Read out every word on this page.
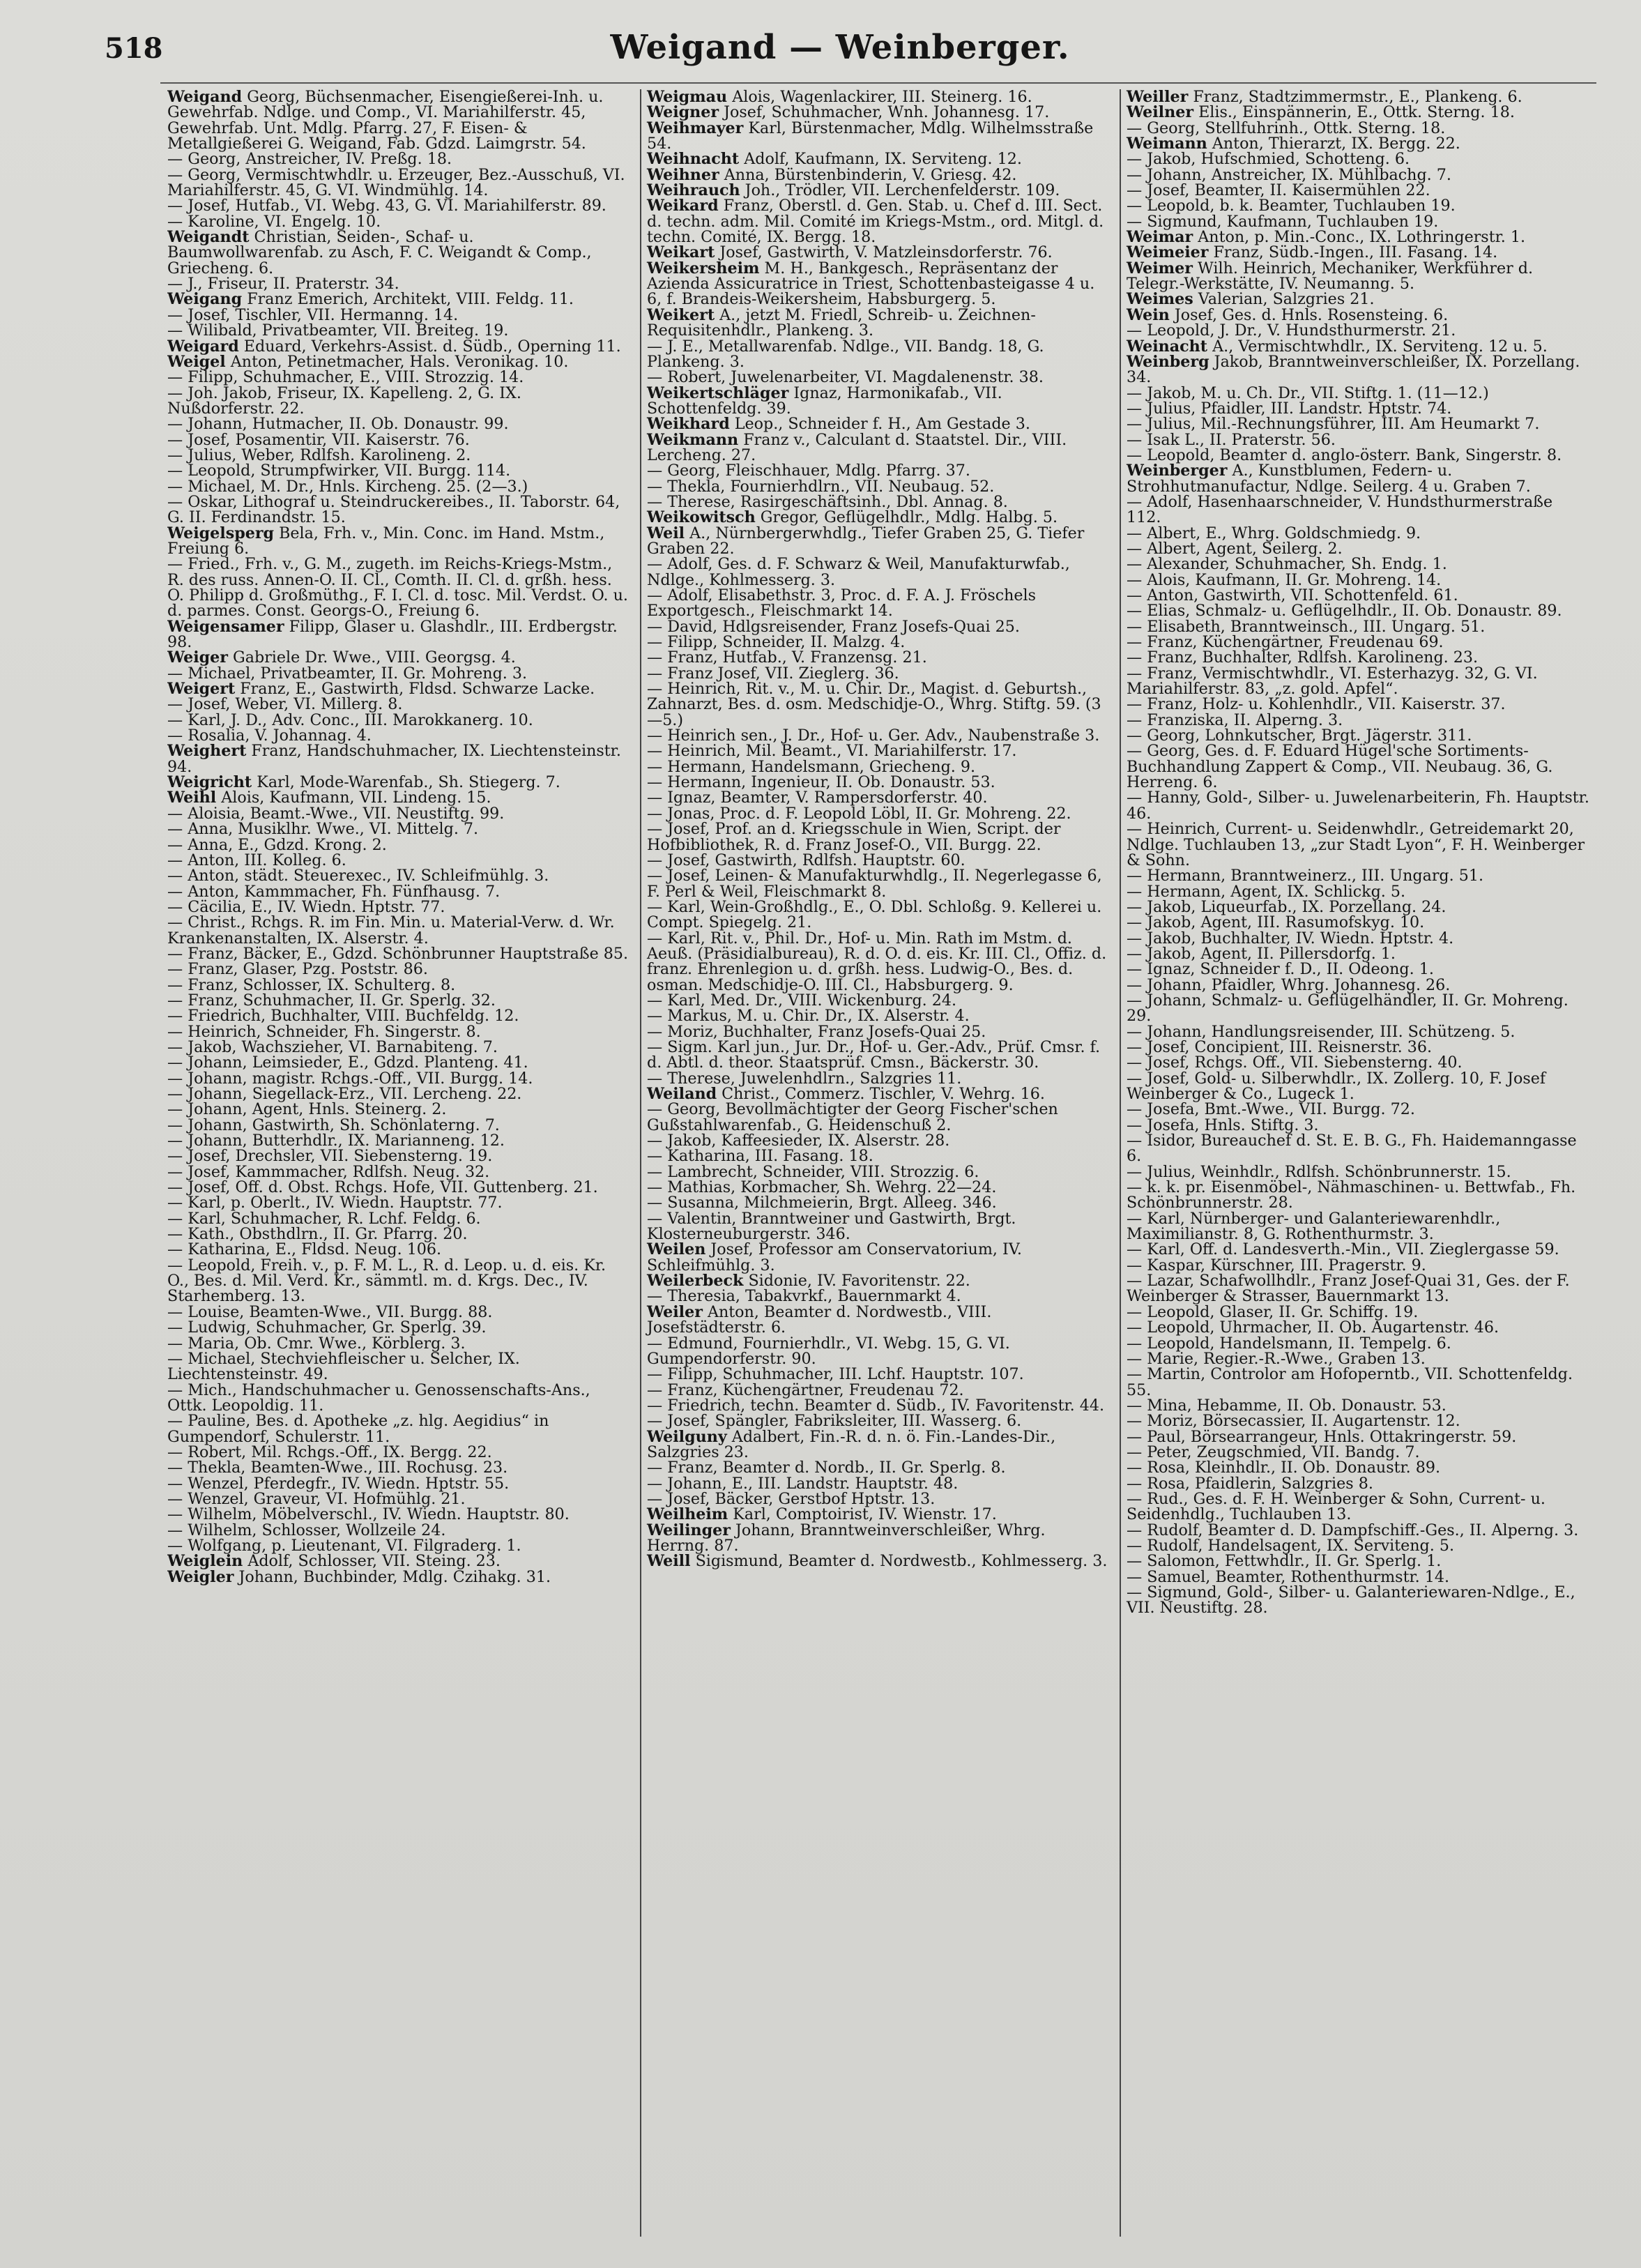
518	Weigand — Weinberger.

Weigand Georg, Büchsenmacher, Eisengießerei-Inh. u. Gewehrfab. Ndlge. und Comp., VI. Mariahilferstr. 45, Gewehrfab. Unt. Mdlg. Pfarrg. 27, F. Eisen- & Metallgießerei G. Weigand, Fab. Gdzd. Laimgrstr. 54.

— Georg, Anstreicher, IV. Preßg. 18.

— Georg, Vermischtwhdlr. u. Erzeuger, Bez.-Ausschuß, VI. Mariahilferstr. 45, G. VI. Windmühlg. 14.

— Josef, Hutfab., VI. Webg. 43, G. VI. Mariahilferstr. 89.

— Karoline, VI. Engelg. 10.

Weigandt Christian, Seiden-, Schaf- u. Baumwollwarenfab. zu Asch, F. C. Weigandt & Comp., Griecheng. 6.

— J., Friseur, II. Praterstr. 34.

Weigang Franz Emerich, Architekt, VIII. Feldg. 11.

— Josef, Tischler, VII. Hermanng. 14.

— Wilibald, Privatbeamter, VII. Breiteg. 19.

Weigard Eduard, Verkehrs-Assist. d. Südb., Operning 11.

Weigel Anton, Petinetmacher, Hals. Veronikag. 10.

— Filipp, Schuhmacher, E., VIII. Strozzig. 14.

— Joh. Jakob, Friseur, IX. Kapelleng. 2, G. IX. Nußdorferstr. 22.

— Johann, Hutmacher, II. Ob. Donaustr. 99.

— Josef, Posamentir, VII. Kaiserstr. 76.

— Julius, Weber, Rdlfsh. Karolineng. 2.

— Leopold, Strumpfwirker, VII. Burgg. 114.

— Michael, M. Dr., Hnls. Kircheng. 25. (2—3.)

— Oskar, Lithograf u. Steindruckereibes., II. Taborstr. 64, G. II. Ferdinandstr. 15.

Weigelsperg Bela, Frh. v., Min. Conc. im Hand. Mstm., Freiung 6.

— Fried., Frh. v., G. M., zugeth. im Reichs-Kriegs-Mstm., R. des russ. Annen-O. II. Cl., Comth. II. Cl. d. grßh. hess. O. Philipp d. Großmüthg., F. I. Cl. d. tosc. Mil. Verdst. O. u. d. parmes. Const. Georgs-O., Freiung 6.

Weigensamer Filipp, Glaser u. Glashdlr., III. Erdbergstr. 98.

Weiger Gabriele Dr. Wwe., VIII. Georgsg. 4.

— Michael, Privatbeamter, II. Gr. Mohreng. 3.

Weigert Franz, E., Gastwirth, Fldsd. Schwarze Lacke.

— Josef, Weber, VI. Millerg. 8.

— Karl, J. D., Adv. Conc., III. Marokkanerg. 10.

— Rosalia, V. Johannag. 4.

Weighert Franz, Handschuhmacher, IX. Liechtensteinstr. 94.

Weigricht Karl, Mode-Warenfab., Sh. Stiegerg. 7.

Weihl Alois, Kaufmann, VII. Lindeng. 15.

— Aloisia, Beamt.-Wwe., VII. Neustiftg. 99.

— Anna, Musiklhr. Wwe., VI. Mittelg. 7.

— Anna, E., Gdzd. Krong. 2.

— Anton, III. Kolleg. 6.

— Anton, städt. Steuerexec., IV. Schleifmühlg. 3.

— Anton, Kammmacher, Fh. Fünfhausg. 7.

— Cäcilia, E., IV. Wiedn. Hptstr. 77.

— Christ., Rchgs. R. im Fin. Min. u. Material-Verw. d. Wr. Krankenanstalten, IX. Alserstr. 4.

— Franz, Bäcker, E., Gdzd. Schönbrunner Hauptstraße 85.

— Franz, Glaser, Pzg. Poststr. 86.

— Franz, Schlosser, IX. Schulterg. 8.

— Franz, Schuhmacher, II. Gr. Sperlg. 32.

— Friedrich, Buchhalter, VIII. Buchfeldg. 12.

— Heinrich, Schneider, Fh. Singerstr. 8.

— Jakob, Wachszieher, VI. Barnabiteng. 7.

— Johann, Leimsieder, E., Gdzd. Planteng. 41.

— Johann, magistr. Rchgs.-Off., VII. Burgg. 14.

— Johann, Siegellack-Erz., VII. Lercheng. 22.

— Johann, Agent, Hnls. Steinerg. 2.

— Johann, Gastwirth, Sh. Schönlaterng. 7.

— Johann, Butterhdlr., IX. Marianneng. 12.

— Josef, Drechsler, VII. Siebensterng. 19.

— Josef, Kammmacher, Rdlfsh. Neug. 32.

— Josef, Off. d. Obst. Rchgs. Hofe, VII. Guttenberg. 21.

— Karl, p. Oberlt., IV. Wiedn. Hauptstr. 77.

— Karl, Schuhmacher, R. Lchf. Feldg. 6.

— Kath., Obsthdlrn., II. Gr. Pfarrg. 20.

— Katharina, E., Fldsd. Neug. 106.

— Leopold, Freih. v., p. F. M. L., R. d. Leop. u. d. eis. Kr. O., Bes. d. Mil. Verd. Kr., sämmtl. m. d. Krgs. Dec., IV. Starhemberg. 13.

— Louise, Beamten-Wwe., VII. Burgg. 88.

— Ludwig, Schuhmacher, Gr. Sperlg. 39.

— Maria, Ob. Cmr. Wwe., Körblerg. 3.

— Michael, Stechviehfleischer u. Selcher, IX. Liechtensteinstr. 49.

— Mich., Handschuhmacher u. Genossenschafts-Ans., Ottk. Leopoldig. 11.

— Pauline, Bes. d. Apotheke „z. hlg. Aegidius“ in Gumpendorf, Schulerstr. 11.

— Robert, Mil. Rchgs.-Off., IX. Bergg. 22.

— Thekla, Beamten-Wwe., III. Rochusg. 23.

— Wenzel, Pferdegfr., IV. Wiedn. Hptstr. 55.

— Wenzel, Graveur, VI. Hofmühlg. 21.

— Wilhelm, Möbelverschl., IV. Wiedn. Hauptstr. 80.

— Wilhelm, Schlosser, Wollzeile 24.

— Wolfgang, p. Lieutenant, VI. Filgraderg. 1.

Weiglein Adolf, Schlosser, VII. Steing. 23.

Weigler Johann, Buchbinder, Mdlg. Czihakg. 31.

Weigmau Alois, Wagenlackirer, III. Steinerg. 16.

Weigner Josef, Schuhmacher, Wnh. Johannesg. 17.

Weihmayer Karl, Bürstenmacher, Mdlg. Wilhelmsstraße 54.

Weihnacht Adolf, Kaufmann, IX. Serviteng. 12.

Weihner Anna, Bürstenbinderin, V. Griesg. 42.

Weihrauch Joh., Trödler, VII. Lerchenfelderstr. 109.

Weikard Franz, Oberstl. d. Gen. Stab. u. Chef d. III. Sect. d. techn. adm. Mil. Comité im Kriegs-Mstm., ord. Mitgl. d. techn. Comité, IX. Bergg. 18.

Weikart Josef, Gastwirth, V. Matzleinsdorferstr. 76.

Weikersheim M. H., Bankgesch., Repräsentanz der Azienda Assicuratrice in Triest, Schottenbasteigasse 4 u. 6, f. Brandeis-Weikersheim, Habsburgerg. 5.

Weikert A., jetzt M. Friedl, Schreib- u. Zeichnen-Requisitenhdlr., Plankeng. 3.

— J. E., Metallwarenfab. Ndlge., VII. Bandg. 18, G. Plankeng. 3.

— Robert, Juwelenarbeiter, VI. Magdalenenstr. 38.

Weikertschläger Ignaz, Harmonikafab., VII. Schottenfeldg. 39.

Weikhard Leop., Schneider f. H., Am Gestade 3.

Weikmann Franz v., Calculant d. Staatstel. Dir., VIII. Lercheng. 27.

— Georg, Fleischhauer, Mdlg. Pfarrg. 37.

— Thekla, Fournierhdlrn., VII. Neubaug. 52.

— Therese, Rasirgeschäftsinh., Dbl. Annag. 8.

Weikowitsch Gregor, Geflügelhdlr., Mdlg. Halbg. 5.

Weil A., Nürnbergerwhdlg., Tiefer Graben 25, G. Tiefer Graben 22.

— Adolf, Ges. d. F. Schwarz & Weil, Manufakturwfab., Ndlge., Kohlmesserg. 3.

— Adolf, Elisabethstr. 3, Proc. d. F. A. J. Fröschels Exportgesch., Fleischmarkt 14.

— David, Hdlgsreisender, Franz Josefs-Quai 25.

— Filipp, Schneider, II. Malzg. 4.

— Franz, Hutfab., V. Franzensg. 21.

— Franz Josef, VII. Zieglerg. 36.

— Heinrich, Rit. v., M. u. Chir. Dr., Magist. d. Geburtsh., Zahnarzt, Bes. d. osm. Medschidje-O., Whrg. Stiftg. 59. (3—5.)

— Heinrich sen., J. Dr., Hof- u. Ger. Adv., Naubenstraße 3.

— Heinrich, Mil. Beamt., VI. Mariahilferstr. 17.

— Hermann, Handelsmann, Griecheng. 9.

— Hermann, Ingenieur, II. Ob. Donaustr. 53.

— Ignaz, Beamter, V. Rampersdorferstr. 40.

— Jonas, Proc. d. F. Leopold Löbl, II. Gr. Mohreng. 22.

— Josef, Prof. an d. Kriegsschule in Wien, Script. der Hofbibliothek, R. d. Franz Josef-O., VII. Burgg. 22.

— Josef, Gastwirth, Rdlfsh. Hauptstr. 60.

— Josef, Leinen- & Manufakturwhdlg., II. Negerlegasse 6, F. Perl & Weil, Fleischmarkt 8.

— Karl, Wein-Großhdlg., E., O. Dbl. Schloßg. 9. Kellerei u. Compt. Spiegelg. 21.

— Karl, Rit. v., Phil. Dr., Hof- u. Min. Rath im Mstm. d. Aeuß. (Präsidialbureau), R. d. O. d. eis. Kr. III. Cl., Offiz. d. franz. Ehrenlegion u. d. grßh. hess. Ludwig-O., Bes. d. osman. Medschidje-O. III. Cl., Habsburgerg. 9.

— Karl, Med. Dr., VIII. Wickenburg. 24.

— Markus, M. u. Chir. Dr., IX. Alserstr. 4.

— Moriz, Buchhalter, Franz Josefs-Quai 25.

— Sigm. Karl jun., Jur. Dr., Hof- u. Ger.-Adv., Prüf. Cmsr. f. d. Abtl. d. theor. Staatsprüf. Cmsn., Bäckerstr. 30.

— Therese, Juwelenhdlrn., Salzgries 11.

Weiland Christ., Commerz. Tischler, V. Wehrg. 16.

— Georg, Bevollmächtigter der Georg Fischer'schen Gußstahlwarenfab., G. Heidenschuß 2.

— Jakob, Kaffeesieder, IX. Alserstr. 28.

— Katharina, III. Fasang. 18.

— Lambrecht, Schneider, VIII. Strozzig. 6.

— Mathias, Korbmacher, Sh. Wehrg. 22—24.

— Susanna, Milchmeierin, Brgt. Alleeg. 346.

— Valentin, Branntweiner und Gastwirth, Brgt. Klosterneuburgerstr. 346.

Weilen Josef, Professor am Conservatorium, IV. Schleifmühlg. 3.

Weilerbeck Sidonie, IV. Favoritenstr. 22.

— Theresia, Tabakvrkf., Bauernmarkt 4.

Weiler Anton, Beamter d. Nordwestb., VIII. Josefstädterstr. 6.

— Edmund, Fournierhdlr., VI. Webg. 15, G. VI. Gumpendorferstr. 90.

— Filipp, Schuhmacher, III. Lchf. Hauptstr. 107.

— Franz, Küchengärtner, Freudenau 72.

— Friedrich, techn. Beamter d. Südb., IV. Favoritenstr. 44.

— Josef, Spängler, Fabriksleiter, III. Wasserg. 6.

Weilguny Adalbert, Fin.-R. d. n. ö. Fin.-Landes-Dir., Salzgries 23.

— Franz, Beamter d. Nordb., II. Gr. Sperlg. 8.

— Johann, E., III. Landstr. Hauptstr. 48.

— Josef, Bäcker, Gerstbof Hptstr. 13.

Weilheim Karl, Comptoirist, IV. Wienstr. 17.

Weilinger Johann, Branntweinverschleißer, Whrg. Herrng. 87.

Weill Sigismund, Beamter d. Nordwestb., Kohlmesserg. 3.

Weiller Franz, Stadtzimmermstr., E., Plankeng. 6.

Weilner Elis., Einspännerin, E., Ottk. Sterng. 18.

— Georg, Stellfuhrinh., Ottk. Sterng. 18.

Weimann Anton, Thierarzt, IX. Bergg. 22.

— Jakob, Hufschmied, Schotteng. 6.

— Johann, Anstreicher, IX. Mühlbachg. 7.

— Josef, Beamter, II. Kaisermühlen 22.

— Leopold, b. k. Beamter, Tuchlauben 19.

— Sigmund, Kaufmann, Tuchlauben 19.

Weimar Anton, p. Min.-Conc., IX. Lothringerstr. 1.

Weimeier Franz, Südb.-Ingen., III. Fasang. 14.

Weimer Wilh. Heinrich, Mechaniker, Werkführer d. Telegr.-Werkstätte, IV. Neumanng. 5.

Weimes Valerian, Salzgries 21.

Wein Josef, Ges. d. Hnls. Rosensteing. 6.

— Leopold, J. Dr., V. Hundsthurmerstr. 21.

Weinacht A., Vermischtwhdlr., IX. Serviteng. 12 u. 5.

Weinberg Jakob, Branntweinverschleißer, IX. Porzellang. 34.

— Jakob, M. u. Ch. Dr., VII. Stiftg. 1. (11—12.)

— Julius, Pfaidler, III. Landstr. Hptstr. 74.

— Julius, Mil.-Rechnungsführer, III. Am Heumarkt 7.

— Isak L., II. Praterstr. 56.

— Leopold, Beamter d. anglo-österr. Bank, Singerstr. 8.

Weinberger A., Kunstblumen, Federn- u. Strohhutmanufactur, Ndlge. Seilerg. 4 u. Graben 7.

— Adolf, Hasenhaarschneider, V. Hundsthurmerstraße 112.

— Albert, E., Whrg. Goldschmiedg. 9.

— Albert, Agent, Seilerg. 2.

— Alexander, Schuhmacher, Sh. Endg. 1.

— Alois, Kaufmann, II. Gr. Mohreng. 14.

— Anton, Gastwirth, VII. Schottenfeld. 61.

— Elias, Schmalz- u. Geflügelhdlr., II. Ob. Donaustr. 89.

— Elisabeth, Branntweinsch., III. Ungarg. 51.

— Franz, Küchengärtner, Freudenau 69.

— Franz, Buchhalter, Rdlfsh. Karolineng. 23.

— Franz, Vermischtwhdlr., VI. Esterhazyg. 32, G. VI. Mariahilferstr. 83, „z. gold. Apfel“.

— Franz, Holz- u. Kohlenhdlr., VII. Kaiserstr. 37.

— Franziska, II. Alperng. 3.

— Georg, Lohnkutscher, Brgt. Jägerstr. 311.

— Georg, Ges. d. F. Eduard Hügel'sche Sortiments-Buchhandlung Zappert & Comp., VII. Neubaug. 36, G. Herreng. 6.

— Hanny, Gold-, Silber- u. Juwelenarbeiterin, Fh. Hauptstr. 46.

— Heinrich, Current- u. Seidenwhdlr., Getreidemarkt 20, Ndlge. Tuchlauben 13, „zur Stadt Lyon“, F. H. Weinberger & Sohn.

— Hermann, Branntweinerz., III. Ungarg. 51.

— Hermann, Agent, IX. Schlickg. 5.

— Jakob, Liqueurfab., IX. Porzellang. 24.

— Jakob, Agent, III. Rasumofskyg. 10.

— Jakob, Buchhalter, IV. Wiedn. Hptstr. 4.

— Jakob, Agent, II. Pillersdorfg. 1.

— Ignaz, Schneider f. D., II. Odeong. 1.

— Johann, Pfaidler, Whrg. Johannesg. 26.

— Johann, Schmalz- u. Geflügelhändler, II. Gr. Mohreng. 29.

— Johann, Handlungsreisender, III. Schützeng. 5.

— Josef, Concipient, III. Reisnerstr. 36.

— Josef, Rchgs. Off., VII. Siebensterng. 40.

— Josef, Gold- u. Silberwhdlr., IX. Zollerg. 10, F. Josef Weinberger & Co., Lugeck 1.

— Josefa, Bmt.-Wwe., VII. Burgg. 72.

— Josefa, Hnls. Stiftg. 3.

— Isidor, Bureauchef d. St. E. B. G., Fh. Haidemanngasse 6.

— Julius, Weinhdlr., Rdlfsh. Schönbrunnerstr. 15.

— k. k. pr. Eisenmöbel-, Nähmaschinen- u. Bettwfab., Fh. Schönbrunnerstr. 28.

— Karl, Nürnberger- und Galanteriewarenhdlr., Maximilianstr. 8, G. Rothenthurmstr. 3.

— Karl, Off. d. Landesverth.-Min., VII. Zieglergasse 59.

— Kaspar, Kürschner, III. Pragerstr. 9.

— Lazar, Schafwollhdlr., Franz Josef-Quai 31, Ges. der F. Weinberger & Strasser, Bauernmarkt 13.

— Leopold, Glaser, II. Gr. Schiffg. 19.

— Leopold, Uhrmacher, II. Ob. Augartenstr. 46.

— Leopold, Handelsmann, II. Tempelg. 6.

— Marie, Regier.-R.-Wwe., Graben 13.

— Martin, Controlor am Hofoperntb., VII. Schottenfeldg. 55.

— Mina, Hebamme, II. Ob. Donaustr. 53.

— Moriz, Börsecassier, II. Augartenstr. 12.

— Paul, Börsearrangeur, Hnls. Ottakringerstr. 59.

— Peter, Zeugschmied, VII. Bandg. 7.

— Rosa, Kleinhdlr., II. Ob. Donaustr. 89.

— Rosa, Pfaidlerin, Salzgries 8.

— Rud., Ges. d. F. H. Weinberger & Sohn, Current- u. Seidenhdlg., Tuchlauben 13.

— Rudolf, Beamter d. D. Dampfschiff.-Ges., II. Alperng. 3.

— Rudolf, Handelsagent, IX. Serviteng. 5.

— Salomon, Fettwhdlr., II. Gr. Sperlg. 1.

— Samuel, Beamter, Rothenthurmstr. 14.

— Sigmund, Gold-, Silber- u. Galanteriewaren-Ndlge., E., VII. Neustiftg. 28.
